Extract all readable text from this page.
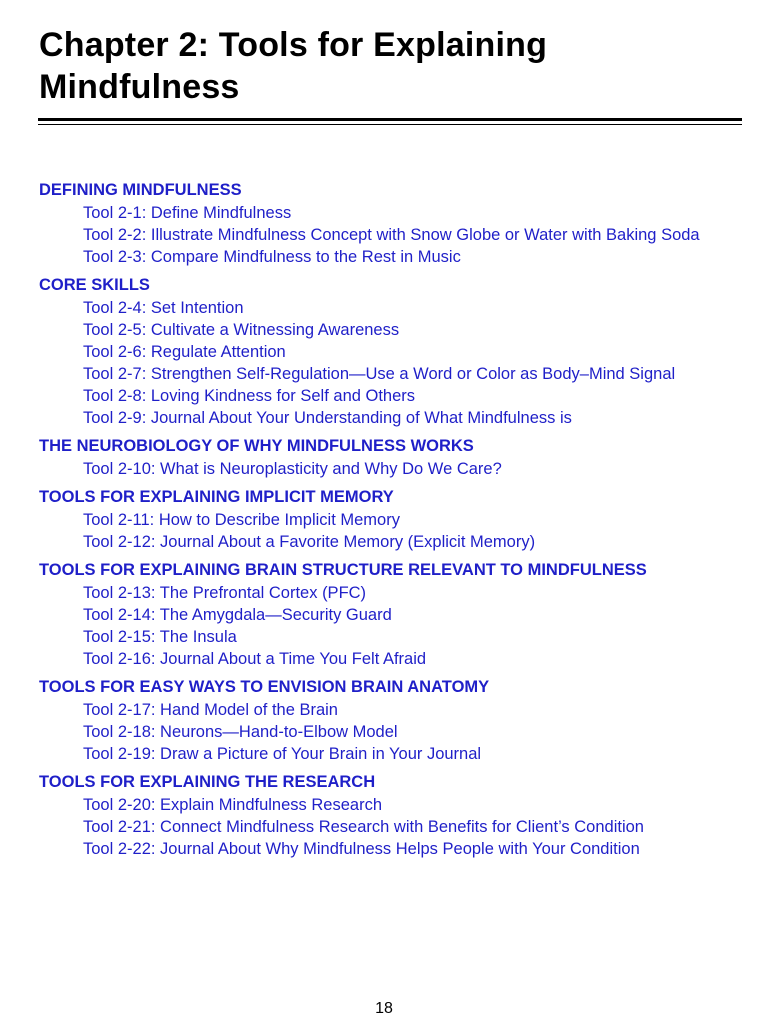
Chapter 2: Tools for Explaining Mindfulness
DEFINING MINDFULNESS
Tool 2-1: Define Mindfulness
Tool 2-2: Illustrate Mindfulness Concept with Snow Globe or Water with Baking Soda
Tool 2-3: Compare Mindfulness to the Rest in Music
CORE SKILLS
Tool 2-4: Set Intention
Tool 2-5: Cultivate a Witnessing Awareness
Tool 2-6: Regulate Attention
Tool 2-7: Strengthen Self-Regulation—Use a Word or Color as Body–Mind Signal
Tool 2-8: Loving Kindness for Self and Others
Tool 2-9: Journal About Your Understanding of What Mindfulness is
THE NEUROBIOLOGY OF WHY MINDFULNESS WORKS
Tool 2-10: What is Neuroplasticity and Why Do We Care?
TOOLS FOR EXPLAINING IMPLICIT MEMORY
Tool 2-11: How to Describe Implicit Memory
Tool 2-12: Journal About a Favorite Memory (Explicit Memory)
TOOLS FOR EXPLAINING BRAIN STRUCTURE RELEVANT TO MINDFULNESS
Tool 2-13: The Prefrontal Cortex (PFC)
Tool 2-14: The Amygdala—Security Guard
Tool 2-15: The Insula
Tool 2-16: Journal About a Time You Felt Afraid
TOOLS FOR EASY WAYS TO ENVISION BRAIN ANATOMY
Tool 2-17: Hand Model of the Brain
Tool 2-18: Neurons—Hand-to-Elbow Model
Tool 2-19: Draw a Picture of Your Brain in Your Journal
TOOLS FOR EXPLAINING THE RESEARCH
Tool 2-20: Explain Mindfulness Research
Tool 2-21: Connect Mindfulness Research with Benefits for Client’s Condition
Tool 2-22: Journal About Why Mindfulness Helps People with Your Condition
18
